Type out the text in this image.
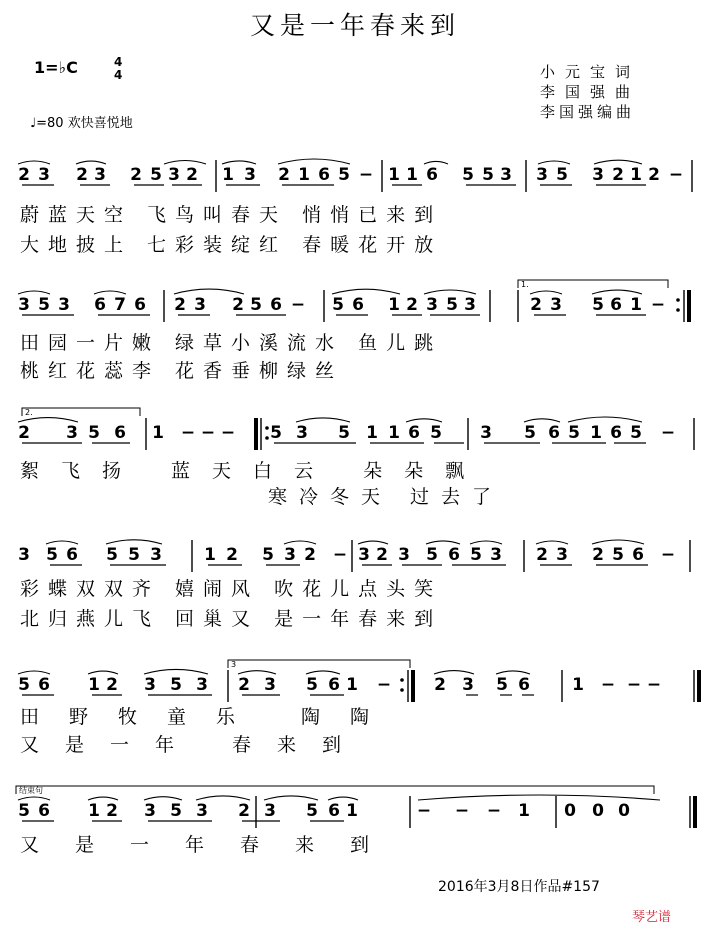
又是一年春来到
1=♭C	4
4
♩=80 欢快喜悦地
小元宝词
李国强曲
李国强编曲
2 3 2 3 2 5 3 2 1 3 2 1 6 5 − 1 1 6 5 5 3 3 5 3 2 1 2 −
3 5 3 6 7 6 2 3 2 5 6 − 5 6 1 2 3 5 3	2 3 5 6 1 −
1.
2 3 5 6 1 − − − 5 3 5 1 1 6 5 3 5 6 5 1 6 5 −
2.
3 5 6 5 5 3 1 2 5 3 2 − 3 2 3 5 6 5 3 2 3 2 5 6 −
5 6 1 2 3 5 3 2 3 5 6 1 −	2 3 5 6 1 − − −
3
5 6 1 2 3 5 3 2 3 5 6 1	− − − 1 0 0 0
结束句
蔚蓝天空 飞鸟叫春天 悄悄已来到
大地披上 七彩装绽红 春暖花开放
田园一片嫩 绿草小溪流水 鱼儿跳
桃红花蕊李 花香垂柳绿丝
絮飞扬 蓝天白云 朵朵飘
寒冷冬天 过去了
彩蝶双双齐 嬉闹风 吹花儿点头笑
北归燕儿飞 回巢又 是一年春来到
田野牧童乐 陶陶
又是一年 春来到
又是一年春来到
2016年3月8日作品#157
琴艺谱
